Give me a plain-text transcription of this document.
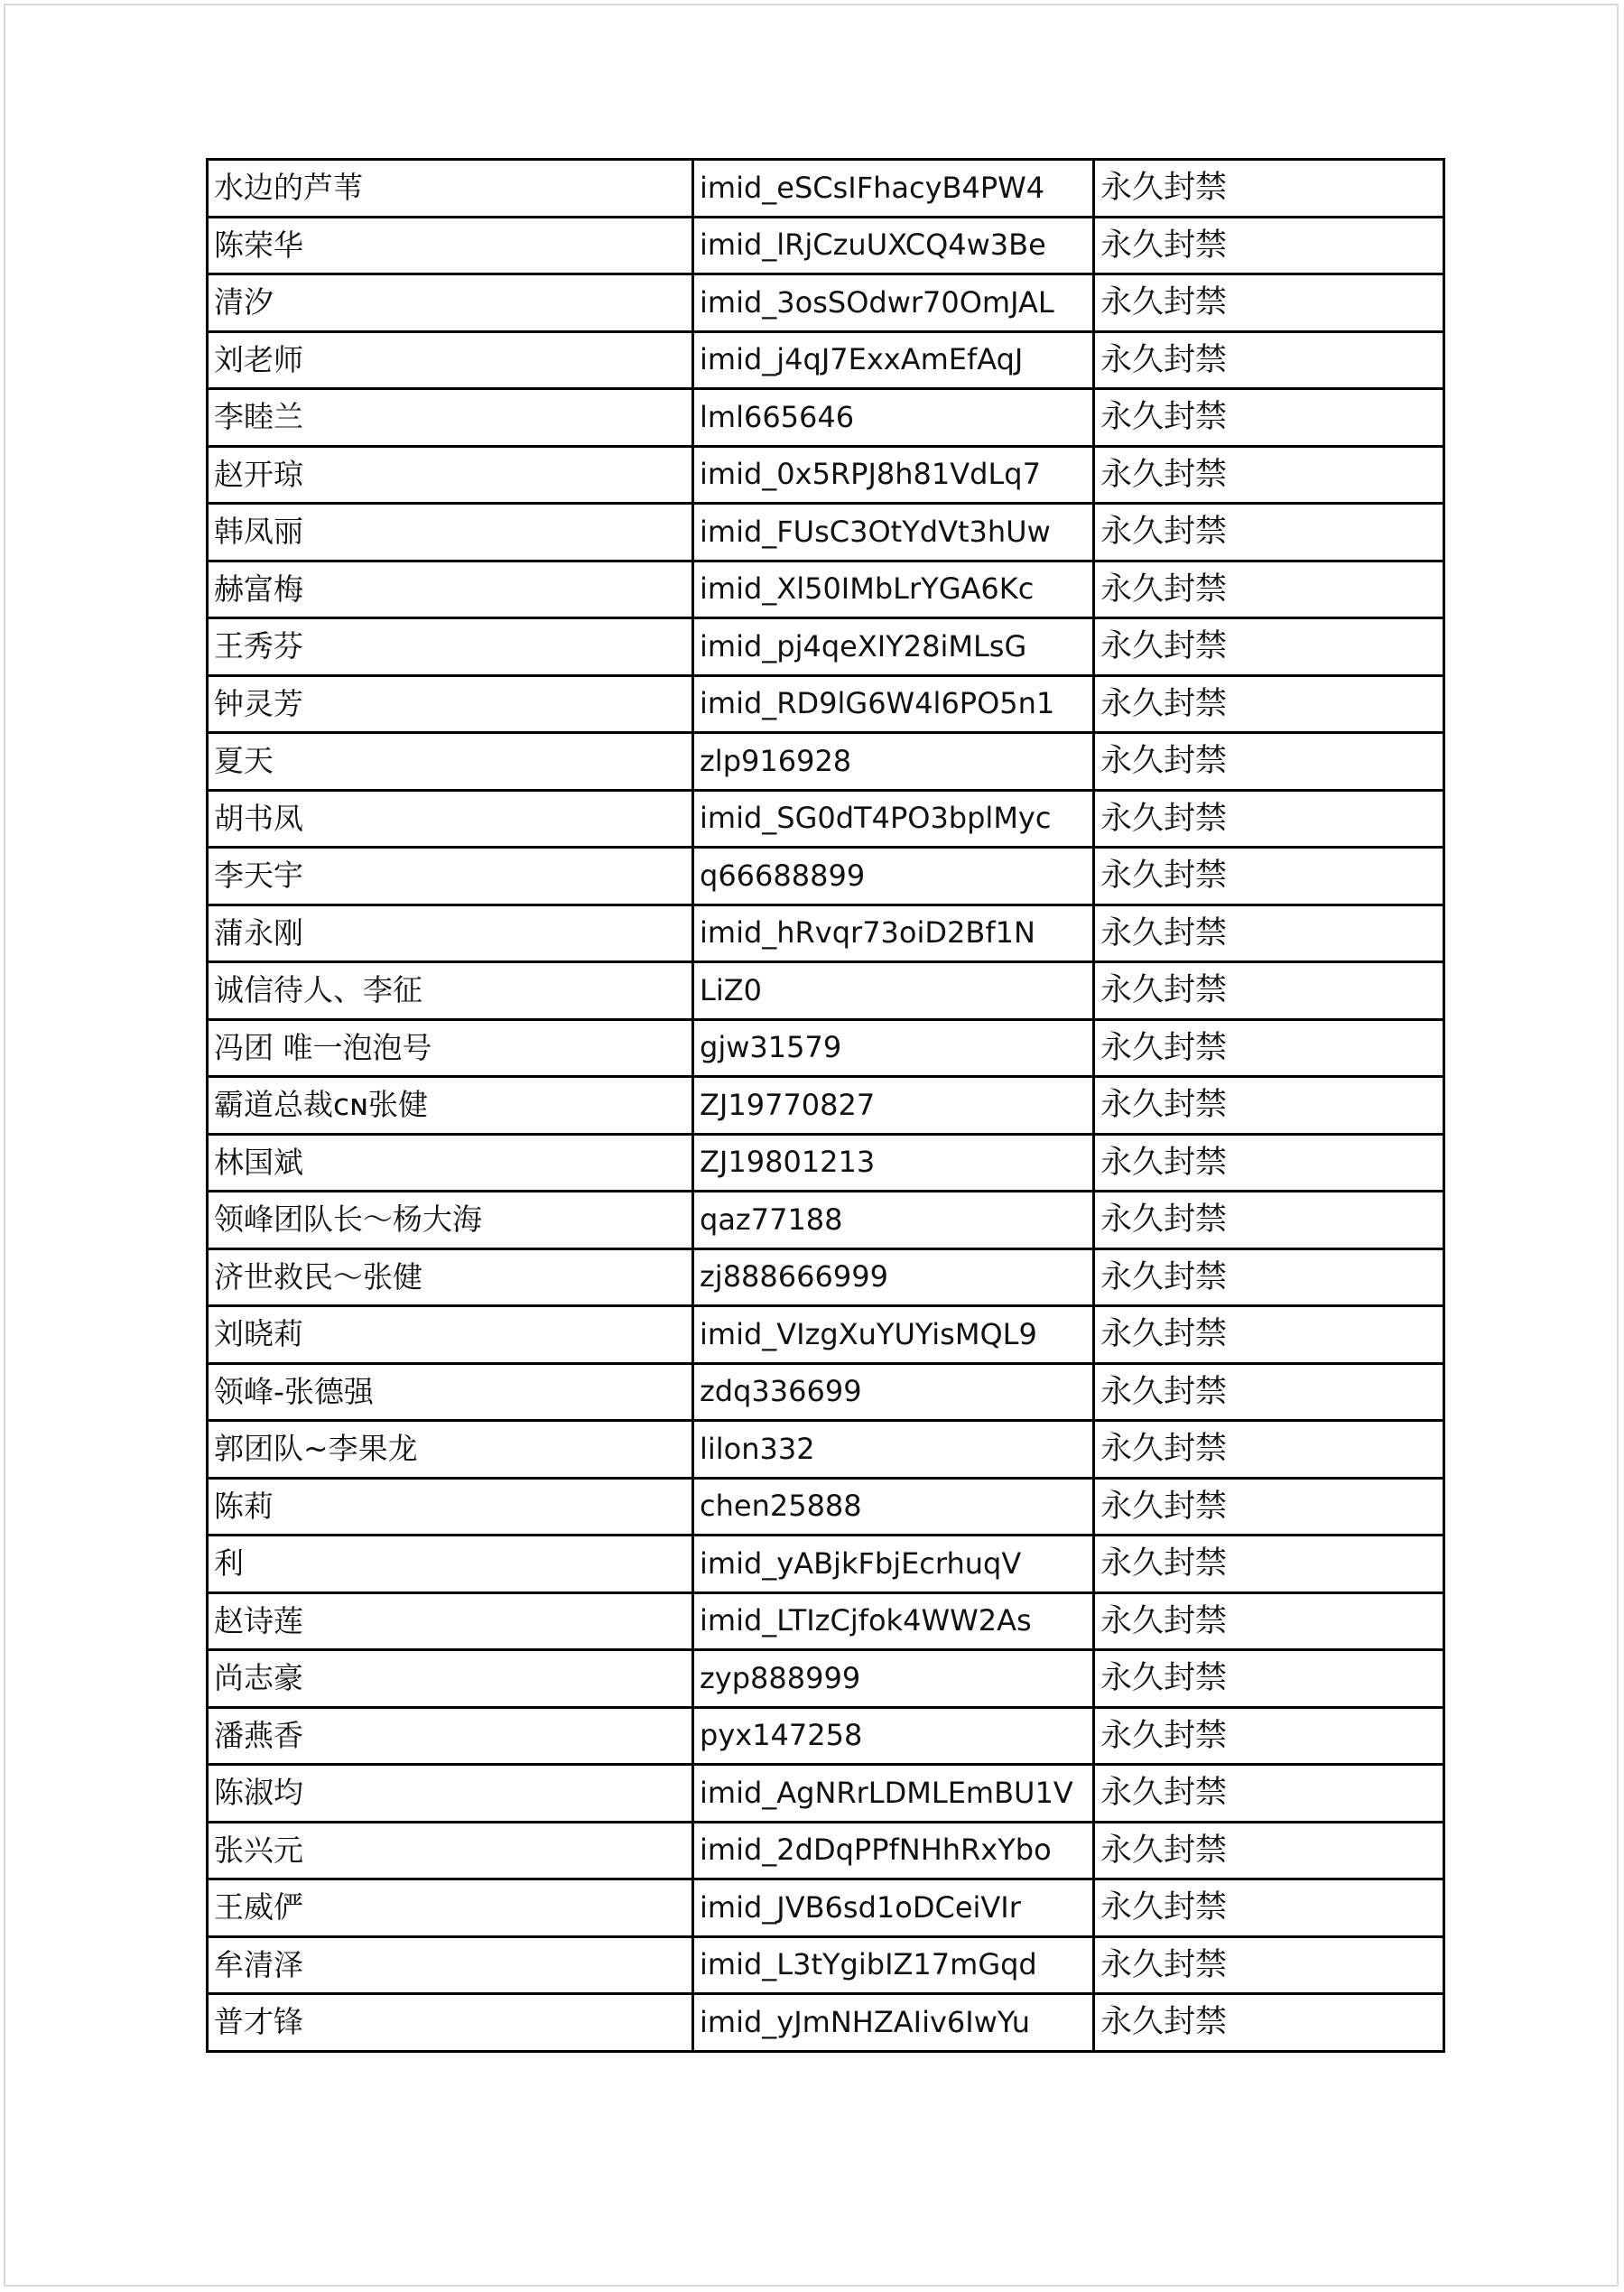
水边的芦苇	imid_eSCsIFhacyB4PW4	永久封禁
陈荣华	imid_lRjCzuUXCQ4w3Be	永久封禁
清汐	imid_3osSOdwr70OmJAL	永久封禁
刘老师	imid_j4qJ7ExxAmEfAqJ	永久封禁
李睦兰	lml665646	永久封禁
赵开琼	imid_0x5RPJ8h81VdLq7	永久封禁
韩凤丽	imid_FUsC3OtYdVt3hUw	永久封禁
赫富梅	imid_Xl50IMbLrYGA6Kc	永久封禁
王秀芬	imid_pj4qeXIY28iMLsG	永久封禁
钟灵芳	imid_RD9lG6W4l6PO5n1	永久封禁
夏天	zlp916928	永久封禁
胡书凤	imid_SG0dT4PO3bplMyc	永久封禁
李天宇	q66688899	永久封禁
蒲永刚	imid_hRvqr73oiD2Bf1N	永久封禁
诚信待人、李征	LiZ0	永久封禁
冯团 唯一泡泡号	gjw31579	永久封禁
霸道总裁ᴄɴ张健	ZJ19770827	永久封禁
林国斌	ZJ19801213	永久封禁
领峰团队长～杨大海	qaz77188	永久封禁
济世救民～张健	zj888666999	永久封禁
刘晓莉	imid_VIzgXuYUYisMQL9	永久封禁
领峰-张德强	zdq336699	永久封禁
郭团队~李果龙	lilon332	永久封禁
陈莉	chen25888	永久封禁
利	imid_yABjkFbjEcrhuqV	永久封禁
赵诗莲	imid_LTIzCjfok4WW2As	永久封禁
尚志豪	zyp888999	永久封禁
潘燕香	pyx147258	永久封禁
陈淑均	imid_AgNRrLDMLEmBU1V	永久封禁
张兴元	imid_2dDqPPfNHhRxYbo	永久封禁
王威俨	imid_JVB6sd1oDCeiVIr	永久封禁
牟清泽	imid_L3tYgibIZ17mGqd	永久封禁
普才锋	imid_yJmNHZAIiv6IwYu	永久封禁
